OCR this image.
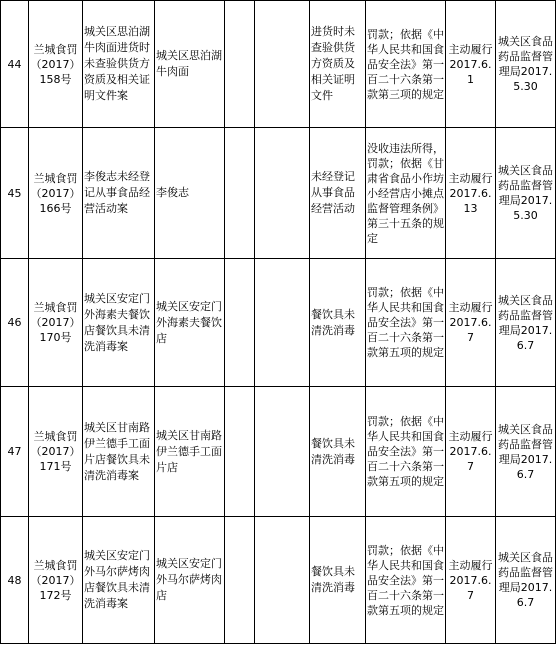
44	兰城食罚（2017）158号	城关区思泊湖牛肉面进货时未查验供货方资质及相关证明文件案	城关区思泊湖牛肉面			进货时未查验供货方资质及相关证明文件	罚款；依据《中华人民共和国食品安全法》第一百二十六条第一款第三项的规定	主动履行2017.6.1	城关区食品药品监督管理局2017.5.30

45	兰城食罚（2017）166号	李俊志未经登记从事食品经营活动案	李俊志			未经登记从事食品经营活动	没收违法所得，罚款；依据《甘肃省食品小作坊小经营店小摊点监督管理条例》第三十五条的规定	主动履行2017.6.13	城关区食品药品监督管理局2017.5.30

46	兰城食罚（2017）170号	城关区安定门外海素夫餐饮店餐饮具未清洗消毒案	城关区安定门外海素夫餐饮店			餐饮具未清洗消毒	罚款；依据《中华人民共和国食品安全法》第一百二十六条第一款第五项的规定	主动履行2017.6.7	城关区食品药品监督管理局2017.6.7

47	兰城食罚（2017）171号	城关区甘南路伊兰德手工面片店餐饮具未清洗消毒案	城关区甘南路伊兰德手工面片店			餐饮具未清洗消毒	罚款；依据《中华人民共和国食品安全法》第一百二十六条第一款第五项的规定	主动履行2017.6.7	城关区食品药品监督管理局2017.6.7

48	兰城食罚（2017）172号	城关区安定门外马尔萨烤肉店餐饮具未清洗消毒案	城关区安定门外马尔萨烤肉店			餐饮具未清洗消毒	罚款；依据《中华人民共和国食品安全法》第一百二十六条第一款第五项的规定	主动履行2017.6.7	城关区食品药品监督管理局2017.6.7
